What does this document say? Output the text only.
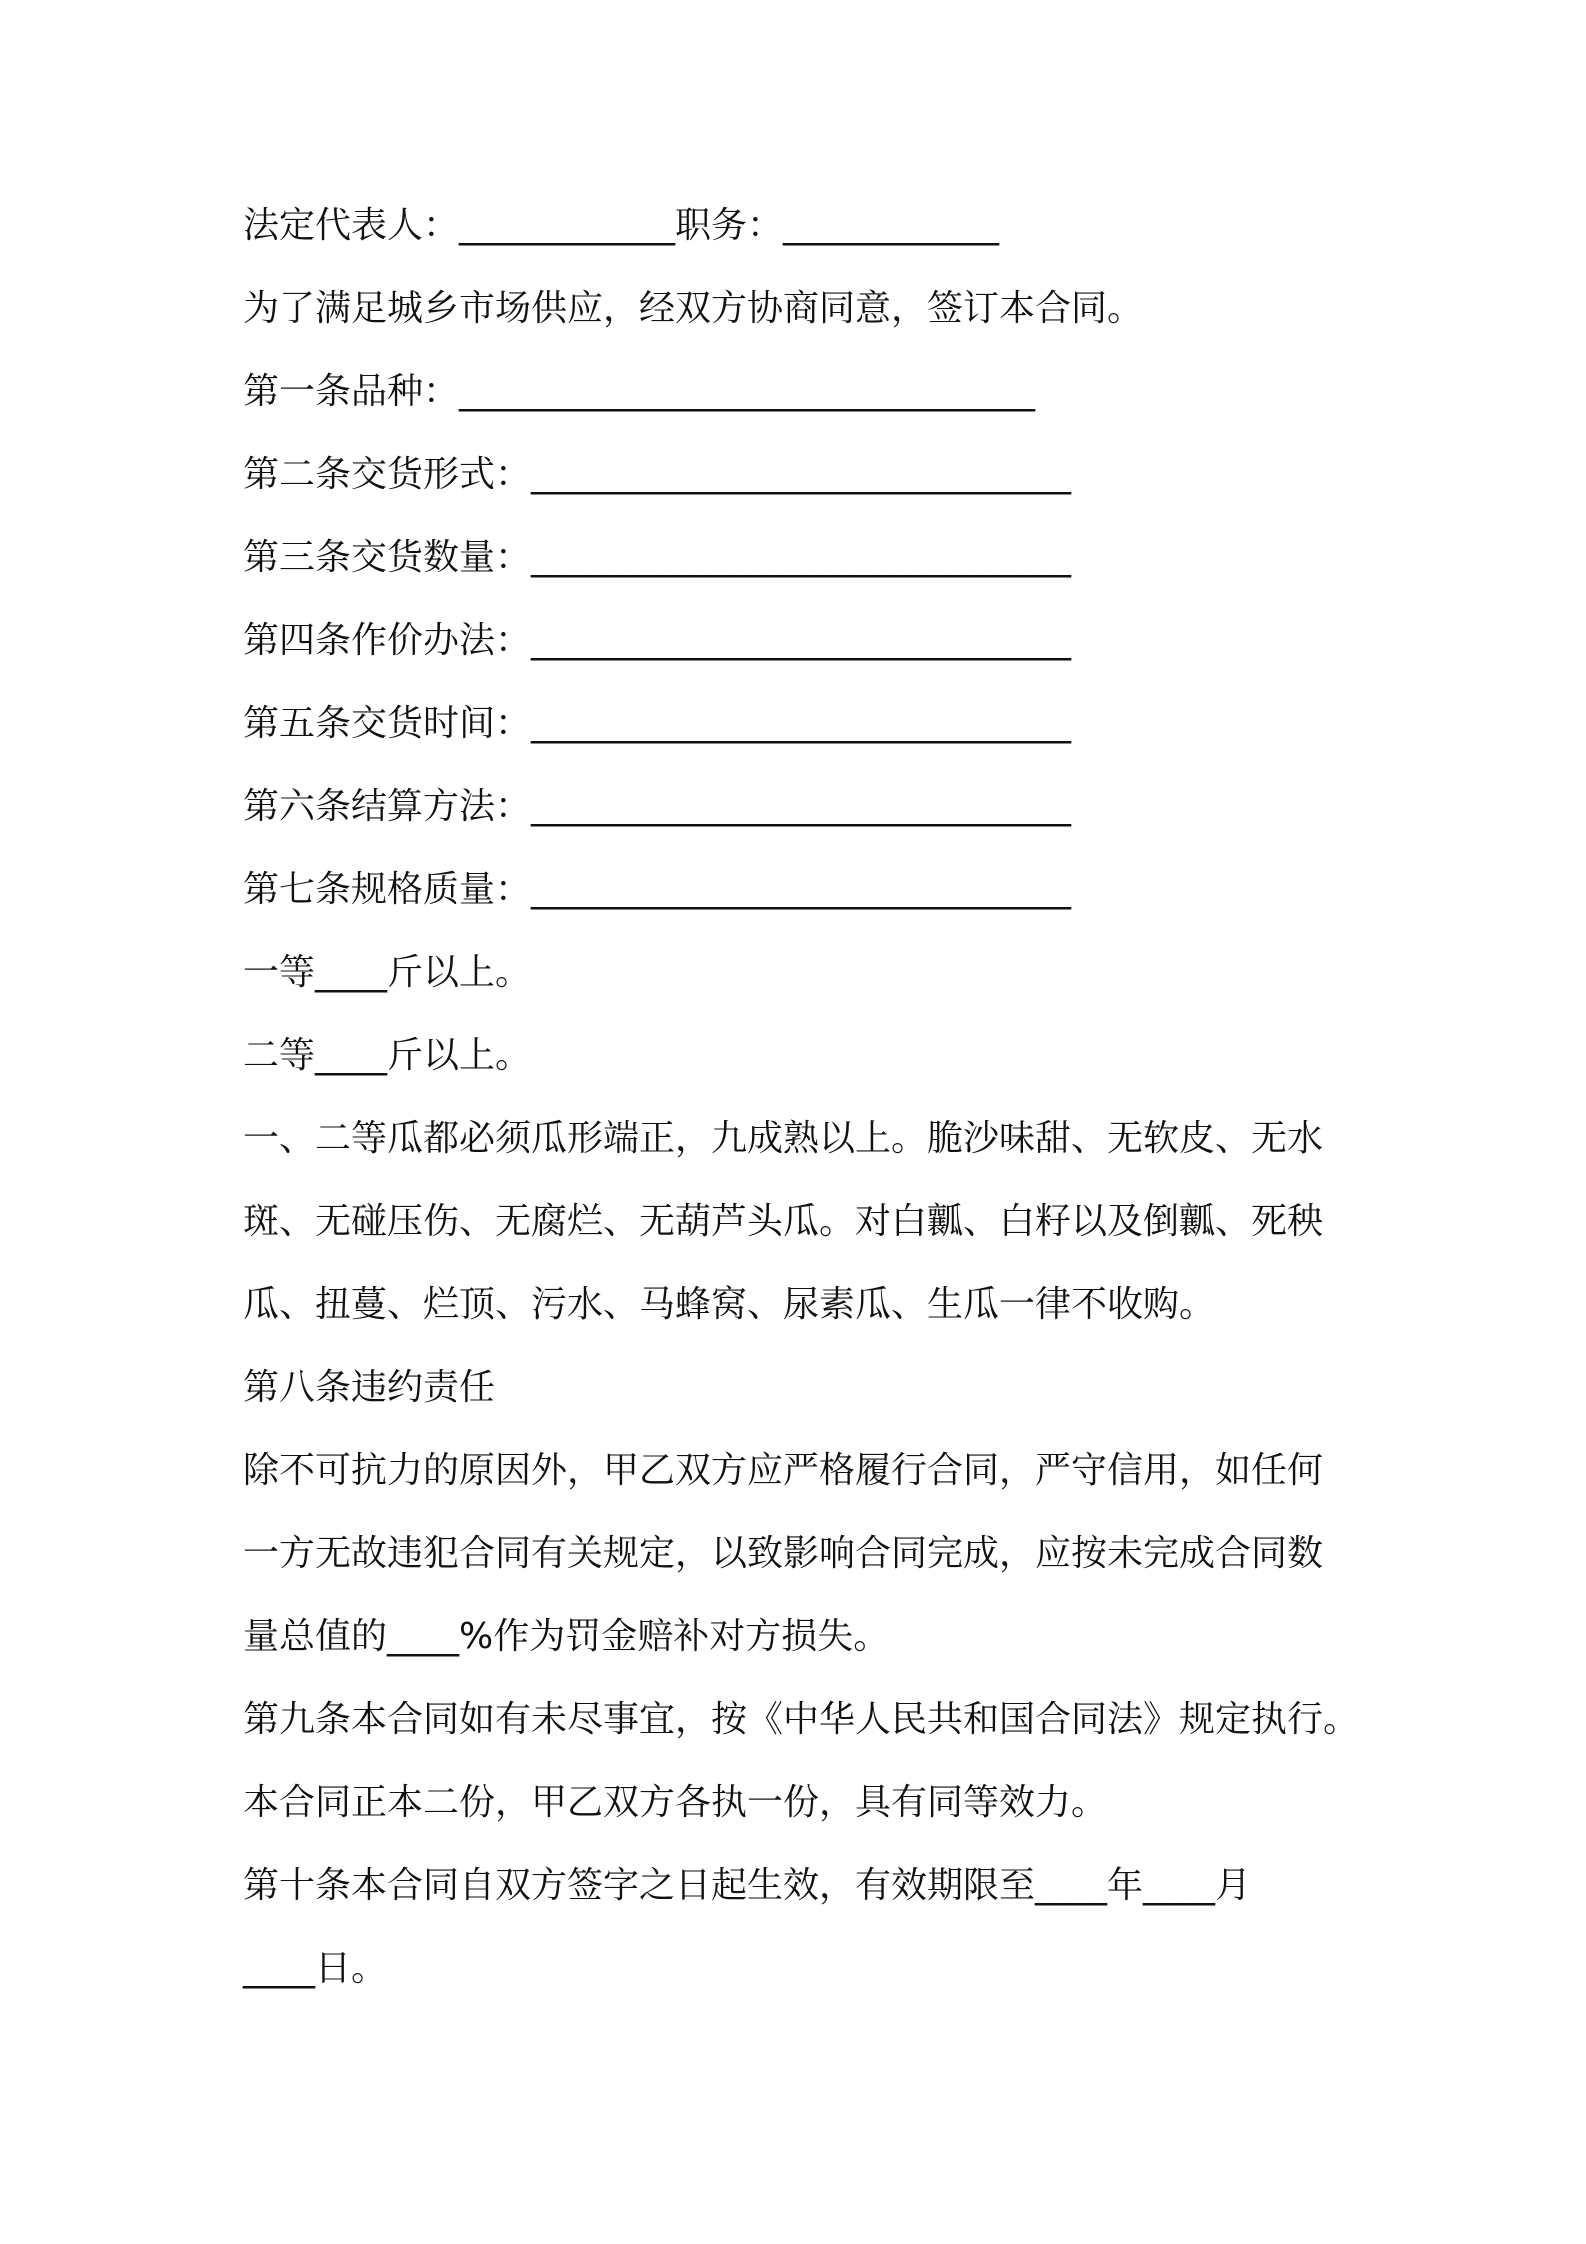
法定代表人：____________职务：____________
为了满足城乡市场供应，经双方协商同意，签订本合同。
第一条品种：________________________________
第二条交货形式：______________________________
第三条交货数量：______________________________
第四条作价办法：______________________________
第五条交货时间：______________________________
第六条结算方法：______________________________
第七条规格质量：______________________________
一等____斤以上。
二等____斤以上。
一、二等瓜都必须瓜形端正，九成熟以上。脆沙味甜、无软皮、无水
斑、无碰压伤、无腐烂、无葫芦头瓜。对白瓤、白籽以及倒瓤、死秧
瓜、扭蔓、烂顶、污水、马蜂窝、尿素瓜、生瓜一律不收购。
第八条违约责任
除不可抗力的原因外，甲乙双方应严格履行合同，严守信用，如任何
一方无故违犯合同有关规定，以致影响合同完成，应按未完成合同数
量总值的____%作为罚金赔补对方损失。
第九条本合同如有未尽事宜，按《中华人民共和国合同法》规定执行。
本合同正本二份，甲乙双方各执一份，具有同等效力。
第十条本合同自双方签字之日起生效，有效期限至____年____月
____日。
